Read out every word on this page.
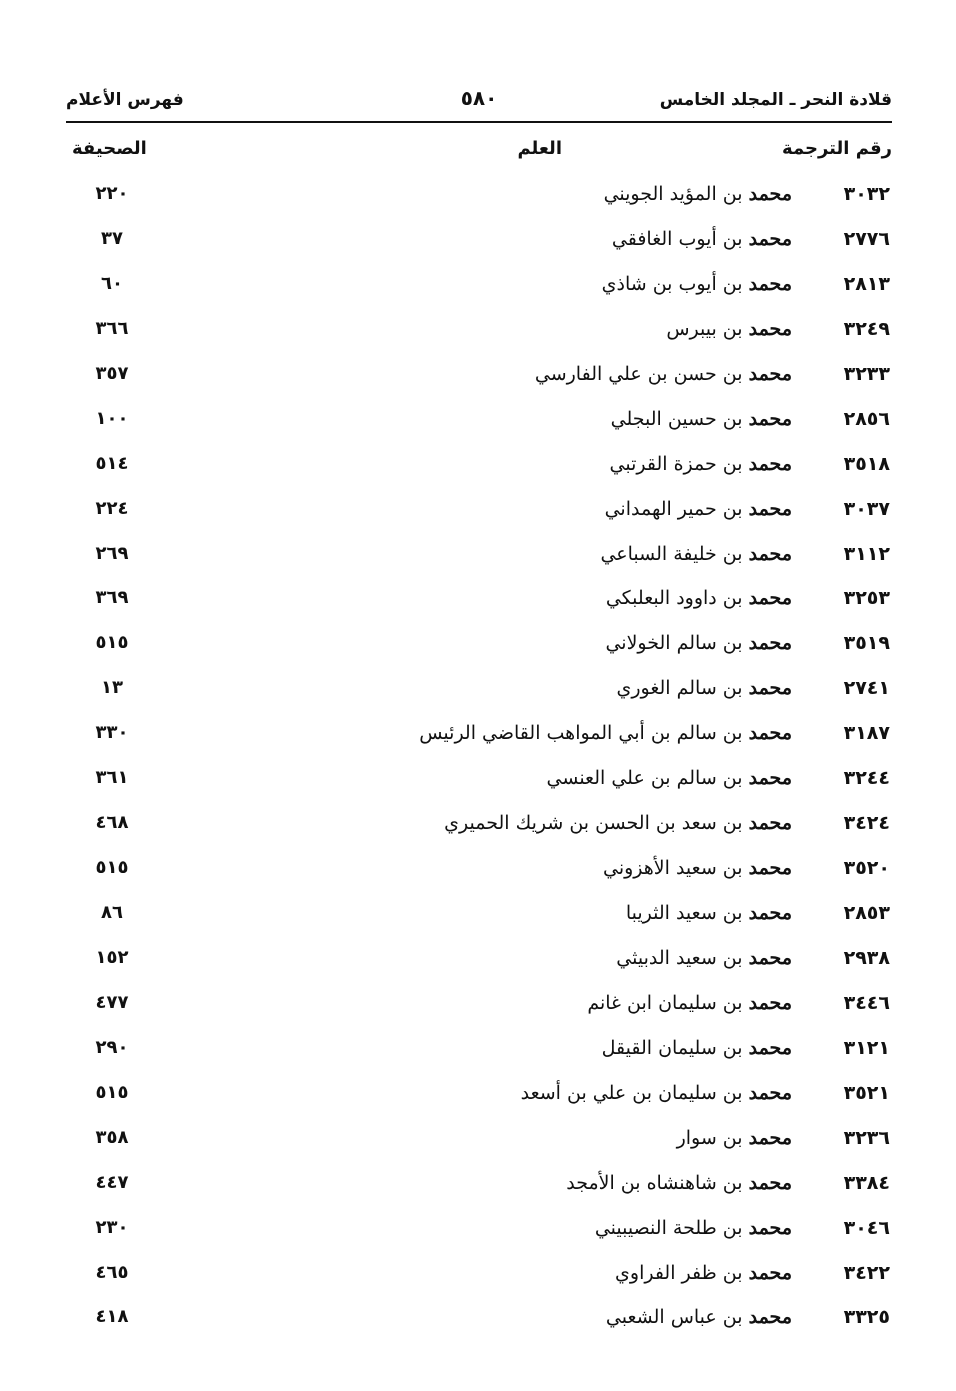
قلادة النحر ـ المجلد الخامس
٥٨٠
فهرس الأعلام
رقم الترجمة
العلم
الصحيفة
٣٠٣٢
محمد بن المؤيد الجويني
٢٢٠
٢٧٧٦
محمد بن أيوب الغافقي
٣٧
٢٨١٣
محمد بن أيوب بن شاذي
٦٠
٣٢٤٩
محمد بن بيبرس
٣٦٦
٣٢٣٣
محمد بن حسن بن علي الفارسي
٣٥٧
٢٨٥٦
محمد بن حسين البجلي
١٠٠
٣٥١٨
محمد بن حمزة القرتبي
٥١٤
٣٠٣٧
محمد بن حمير الهمداني
٢٢٤
٣١١٢
محمد بن خليفة السباعي
٢٦٩
٣٢٥٣
محمد بن داوود البعلبكي
٣٦٩
٣٥١٩
محمد بن سالم الخولاني
٥١٥
٢٧٤١
محمد بن سالم الغوري
١٣
٣١٨٧
محمد بن سالم بن أبي المواهب القاضي الرئيس
٣٣٠
٣٢٤٤
محمد بن سالم بن علي العنسي
٣٦١
٣٤٢٤
محمد بن سعد بن الحسن بن شريك الحميري
٤٦٨
٣٥٢٠
محمد بن سعيد الأهزوني
٥١٥
٢٨٥٣
محمد بن سعيد الثريبا
٨٦
٢٩٣٨
محمد بن سعيد الدبيثي
١٥٢
٣٤٤٦
محمد بن سليمان ابن غانم
٤٧٧
٣١٢١
محمد بن سليمان القيقل
٢٩٠
٣٥٢١
محمد بن سليمان بن علي بن أسعد
٥١٥
٣٢٣٦
محمد بن سوار
٣٥٨
٣٣٨٤
محمد بن شاهنشاه بن الأمجد
٤٤٧
٣٠٤٦
محمد بن طلحة النصيبيني
٢٣٠
٣٤٢٢
محمد بن ظفر الفراوي
٤٦٥
٣٣٢٥
محمد بن عباس الشعبي
٤١٨
